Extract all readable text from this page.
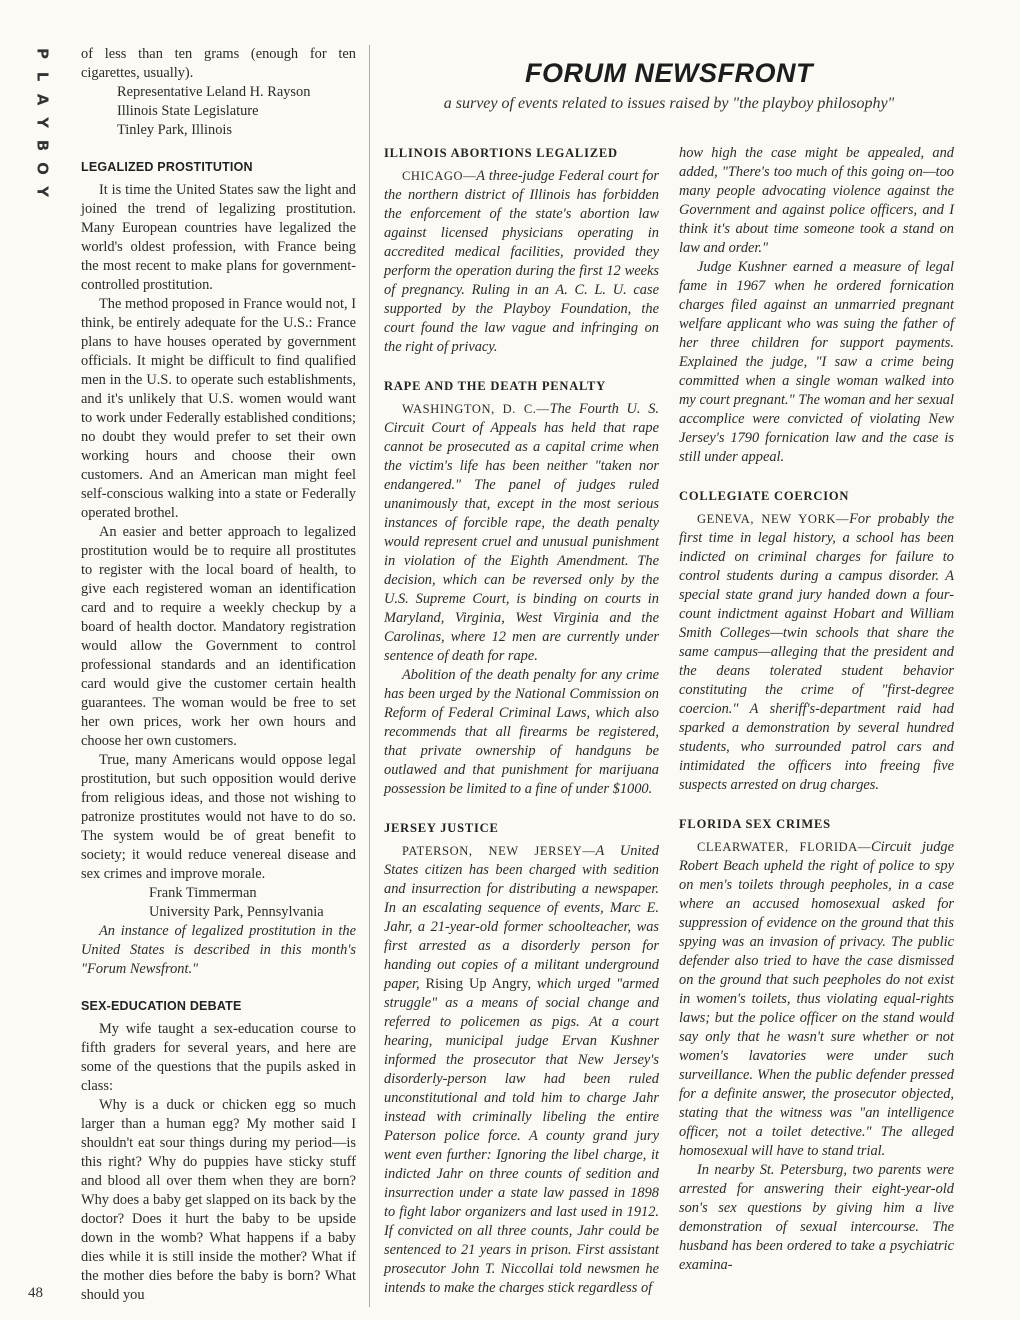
P
L
A
Y
B
O
Y
48

of less than ten grams (enough for ten cigarettes, usually).

Representative Leland H. Rayson
Illinois State Legislature
Tinley Park, Illinois
LEGALIZED PROSTITUTION

It is time the United States saw the light and joined the trend of legalizing prostitution. Many European countries have legalized the world's oldest profession, with France being the most recent to make plans for government-controlled prostitution.

The method proposed in France would not, I think, be entirely adequate for the U.S.: France plans to have houses operated by government officials. It might be difficult to find qualified men in the U.S. to operate such establishments, and it's unlikely that U.S. women would want to work under Federally established conditions; no doubt they would prefer to set their own working hours and choose their own customers. And an American man might feel self-conscious walking into a state or Federally operated brothel.

An easier and better approach to legalized prostitution would be to require all prostitutes to register with the local board of health, to give each registered woman an identification card and to require a weekly checkup by a board of health doctor. Mandatory registration would allow the Government to control professional standards and an identification card would give the customer certain health guarantees. The woman would be free to set her own prices, work her own hours and choose her own customers.

True, many Americans would oppose legal prostitution, but such opposition would derive from religious ideas, and those not wishing to patronize prostitutes would not have to do so. The system would be of great benefit to society; it would reduce venereal disease and sex crimes and improve morale.

Frank Timmerman
University Park, Pennsylvania

An instance of legalized prostitution in the United States is described in this month's "Forum Newsfront."

SEX-EDUCATION DEBATE

My wife taught a sex-education course to fifth graders for several years, and here are some of the questions that the pupils asked in class:

Why is a duck or chicken egg so much larger than a human egg? My mother said I shouldn't eat sour things during my period—is this right? Why do puppies have sticky stuff and blood all over them when they are born? Why does a baby get slapped on its back by the doctor? Does it hurt the baby to be upside down in the womb? What happens if a baby dies while it is still inside the mother? What if the mother dies before the baby is born? What should you

FORUM NEWSFRONT
a survey of events related to issues raised by "the playboy philosophy"
ILLINOIS ABORTIONS LEGALIZED

CHICAGO—A three-judge Federal court for the northern district of Illinois has forbidden the enforcement of the state's abortion law against licensed physicians operating in accredited medical facilities, provided they perform the operation during the first 12 weeks of pregnancy. Ruling in an A. C. L. U. case supported by the Playboy Foundation, the court found the law vague and infringing on the right of privacy.

RAPE AND THE DEATH PENALTY

WASHINGTON, D. C.—The Fourth U. S. Circuit Court of Appeals has held that rape cannot be prosecuted as a capital crime when the victim's life has been neither "taken nor endangered." The panel of judges ruled unanimously that, except in the most serious instances of forcible rape, the death penalty would represent cruel and unusual punishment in violation of the Eighth Amendment. The decision, which can be reversed only by the U.S. Supreme Court, is binding on courts in Maryland, Virginia, West Virginia and the Carolinas, where 12 men are currently under sentence of death for rape.

Abolition of the death penalty for any crime has been urged by the National Commission on Reform of Federal Criminal Laws, which also recommends that all firearms be registered, that private ownership of handguns be outlawed and that punishment for marijuana possession be limited to a fine of under $1000.

JERSEY JUSTICE

PATERSON, NEW JERSEY—A United States citizen has been charged with sedition and insurrection for distributing a newspaper. In an escalating sequence of events, Marc E. Jahr, a 21-year-old former schoolteacher, was first arrested as a disorderly person for handing out copies of a militant underground paper, Rising Up Angry, which urged "armed struggle" as a means of social change and referred to policemen as pigs. At a court hearing, municipal judge Ervan Kushner informed the prosecutor that New Jersey's disorderly-person law had been ruled unconstitutional and told him to charge Jahr instead with criminally libeling the entire Paterson police force. A county grand jury went even further: Ignoring the libel charge, it indicted Jahr on three counts of sedition and insurrection under a state law passed in 1898 to fight labor organizers and last used in 1912. If convicted on all three counts, Jahr could be sentenced to 21 years in prison. First assistant prosecutor John T. Niccollai told newsmen he intends to make the charges stick regardless of

how high the case might be appealed, and added, "There's too much of this going on—too many people advocating violence against the Government and against police officers, and I think it's about time someone took a stand on law and order."

Judge Kushner earned a measure of legal fame in 1967 when he ordered fornication charges filed against an unmarried pregnant welfare applicant who was suing the father of her three children for support payments. Explained the judge, "I saw a crime being committed when a single woman walked into my court pregnant." The woman and her sexual accomplice were convicted of violating New Jersey's 1790 fornication law and the case is still under appeal.

COLLEGIATE COERCION

GENEVA, NEW YORK—For probably the first time in legal history, a school has been indicted on criminal charges for failure to control students during a campus disorder. A special state grand jury handed down a four-count indictment against Hobart and William Smith Colleges—twin schools that share the same campus—alleging that the president and the deans tolerated student behavior constituting the crime of "first-degree coercion." A sheriff's-department raid had sparked a demonstration by several hundred students, who surrounded patrol cars and intimidated the officers into freeing five suspects arrested on drug charges.

FLORIDA SEX CRIMES

CLEARWATER, FLORIDA—Circuit judge Robert Beach upheld the right of police to spy on men's toilets through peepholes, in a case where an accused homosexual asked for suppression of evidence on the ground that this spying was an invasion of privacy. The public defender also tried to have the case dismissed on the ground that such peepholes do not exist in women's toilets, thus violating equal-rights laws; but the police officer on the stand would say only that he wasn't sure whether or not women's lavatories were under such surveillance. When the public defender pressed for a definite answer, the prosecutor objected, stating that the witness was "an intelligence officer, not a toilet detective." The alleged homosexual will have to stand trial.

In nearby St. Petersburg, two parents were arrested for answering their eight-year-old son's sex questions by giving him a live demonstration of sexual intercourse. The husband has been ordered to take a psychiatric examina-
